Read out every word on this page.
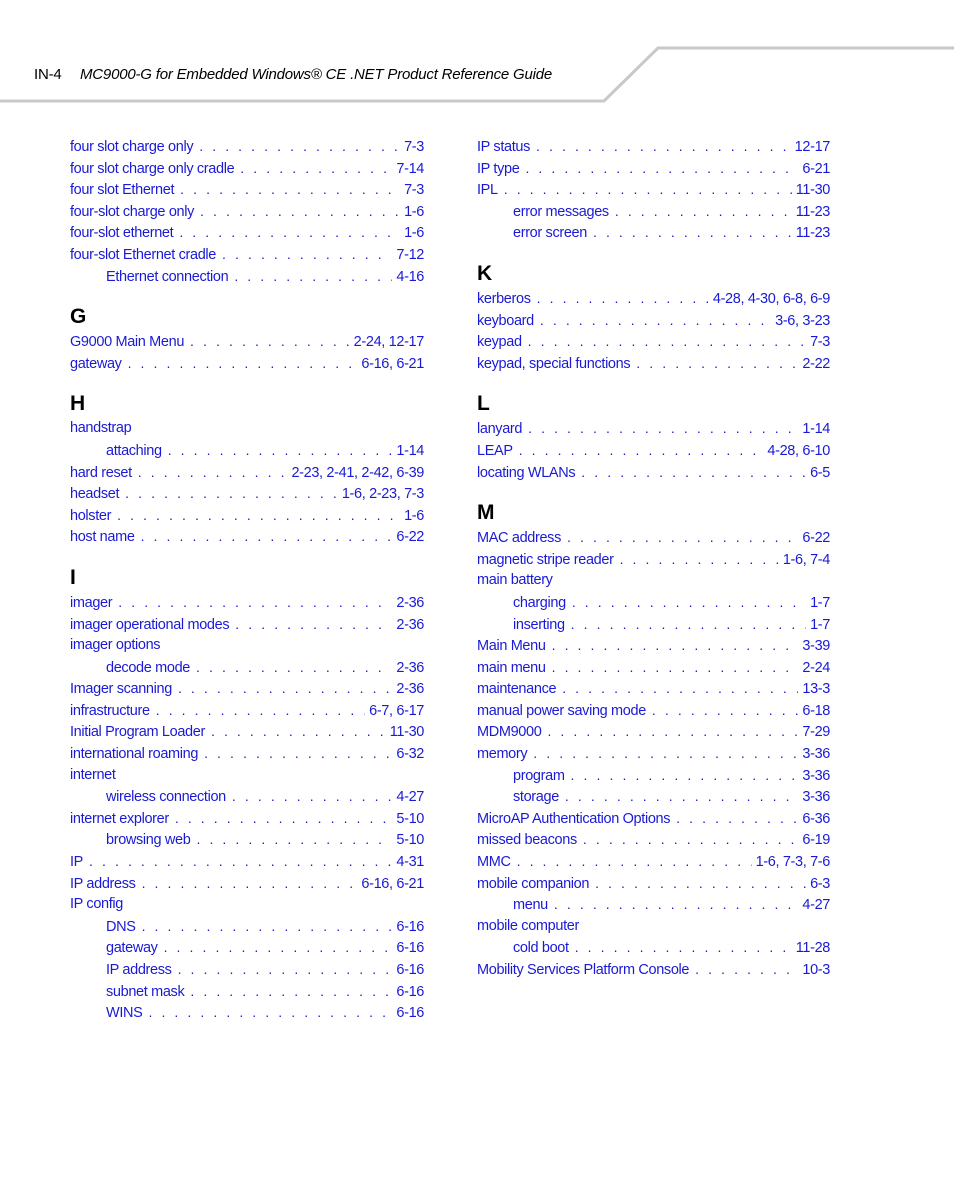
IN-4 MC9000-G for Embedded Windows® CE .NET Product Reference Guide
four slot charge only . . .	7-3
four slot charge only cradle . . .	7-14
four slot Ethernet . . .	7-3
four-slot charge only . . .	1-6
four-slot ethernet . . .	1-6
four-slot Ethernet cradle . . .	7-12
Ethernet connection . . .	4-16
G
G9000 Main Menu . . .	2-24, 12-17
gateway . . .	6-16, 6-21
H
handstrap
attaching . . .	1-14
hard reset . . .	2-23, 2-41, 2-42, 6-39
headset . . .	1-6, 2-23, 7-3
holster . . .	1-6
host name . . .	6-22
I
imager . . .	2-36
imager operational modes . . .	2-36
imager options
decode mode . . .	2-36
Imager scanning . . .	2-36
infrastructure . . .	6-7, 6-17
Initial Program Loader . . .	11-30
international roaming . . .	6-32
internet
wireless connection . . .	4-27
internet explorer . . .	5-10
browsing web . . .	5-10
IP . . .	4-31
IP address . . .	6-16, 6-21
IP config
DNS . . .	6-16
gateway . . .	6-16
IP address . . .	6-16
subnet mask . . .	6-16
WINS . . .	6-16
IP status . . .	12-17
IP type . . .	6-21
IPL . . .	11-30
error messages . . .	11-23
error screen . . .	11-23
K
kerberos . . .	4-28, 4-30, 6-8, 6-9
keyboard . . .	3-6, 3-23
keypad . . .	7-3
keypad, special functions . . .	2-22
L
lanyard . . .	1-14
LEAP . . .	4-28, 6-10
locating WLANs . . .	6-5
M
MAC address . . .	6-22
magnetic stripe reader . . .	1-6, 7-4
main battery
charging . . .	1-7
inserting . . .	1-7
Main Menu . . .	3-39
main menu . . .	2-24
maintenance . . .	13-3
manual power saving mode . . .	6-18
MDM9000 . . .	7-29
memory . . .	3-36
program . . .	3-36
storage . . .	3-36
MicroAP Authentication Options . . .	6-36
missed beacons . . .	6-19
MMC . . .	1-6, 7-3, 7-6
mobile companion . . .	6-3
menu . . .	4-27
mobile computer
cold boot . . .	11-28
Mobility Services Platform Console . . .	10-3
